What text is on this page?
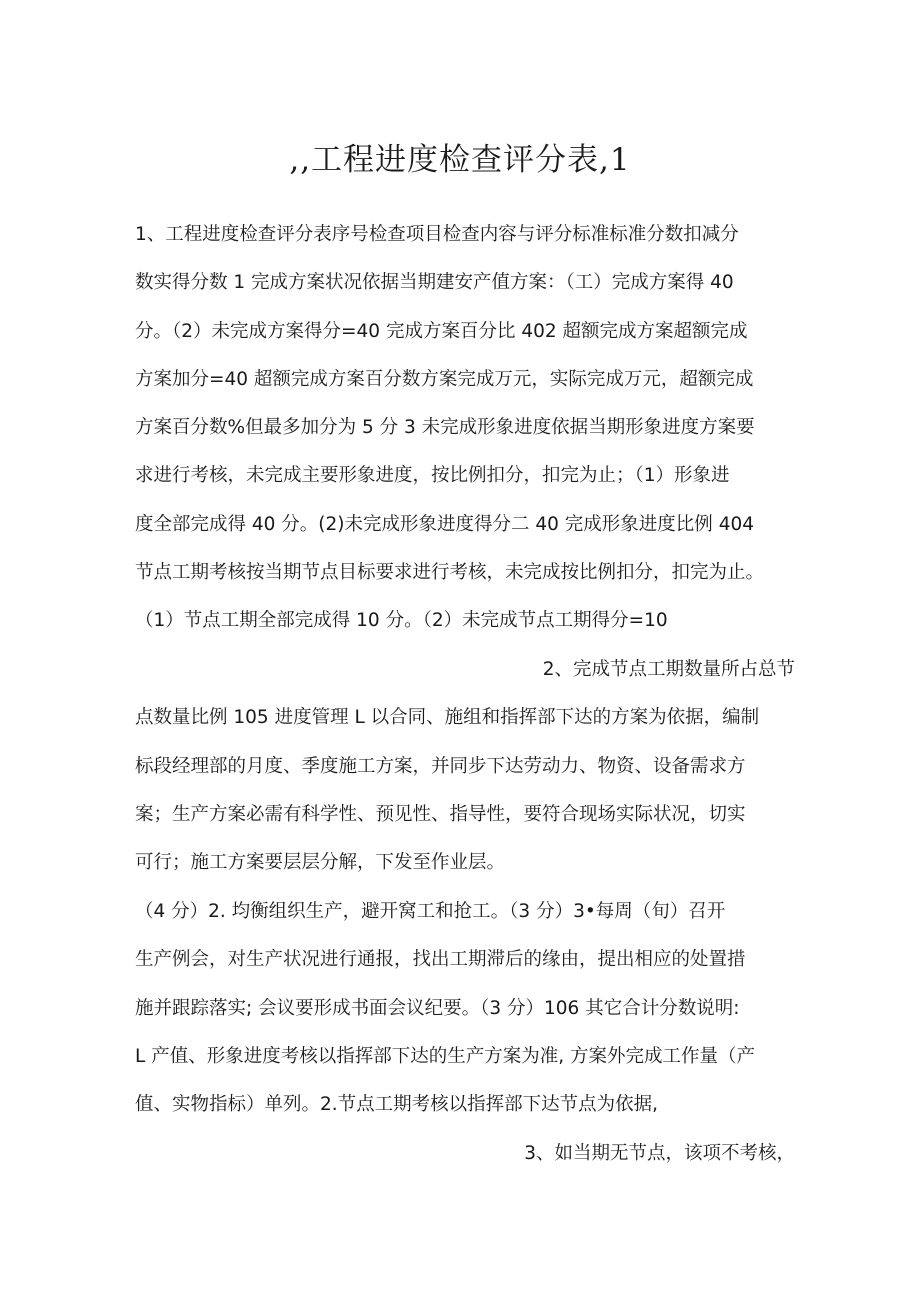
,,工程进度检查评分表,1
1、工程进度检查评分表序号检查项目检查内容与评分标准标准分数扣减分
数实得分数 1 完成方案状况依据当期建安产值方案：（工）完成方案得 40
分。（2）未完成方案得分=40 完成方案百分比 402 超额完成方案超额完成
方案加分=40 超额完成方案百分数方案完成万元，实际完成万元，超额完成
方案百分数%但最多加分为 5 分 3 未完成形象进度依据当期形象进度方案要
求进行考核，未完成主要形象进度，按比例扣分，扣完为止；（1）形象进
度全部完成得 40 分。(2)未完成形象进度得分二 40 完成形象进度比例 404
节点工期考核按当期节点目标要求进行考核，未完成按比例扣分，扣完为止。
（1）节点工期全部完成得 10 分。（2）未完成节点工期得分=10
2、完成节点工期数量所占总节
点数量比例 105 进度管理 L 以合同、施组和指挥部下达的方案为依据，编制
标段经理部的月度、季度施工方案，并同步下达劳动力、物资、设备需求方
案；生产方案必需有科学性、预见性、指导性，要符合现场实际状况，切实
可行；施工方案要层层分解，下发至作业层。
（4 分）2. 均衡组织生产，避开窝工和抢工。（3 分）3•每周（旬）召开
生产例会，对生产状况进行通报，找出工期滞后的缘由，提出相应的处置措
施并跟踪落实; 会议要形成书面会议纪要。（3 分）106 其它合计分数说明:
L 产值、形象进度考核以指挥部下达的生产方案为准, 方案外完成工作量（产
值、实物指标）单列。2.节点工期考核以指挥部下达节点为依据,
3、如当期无节点，该项不考核，
